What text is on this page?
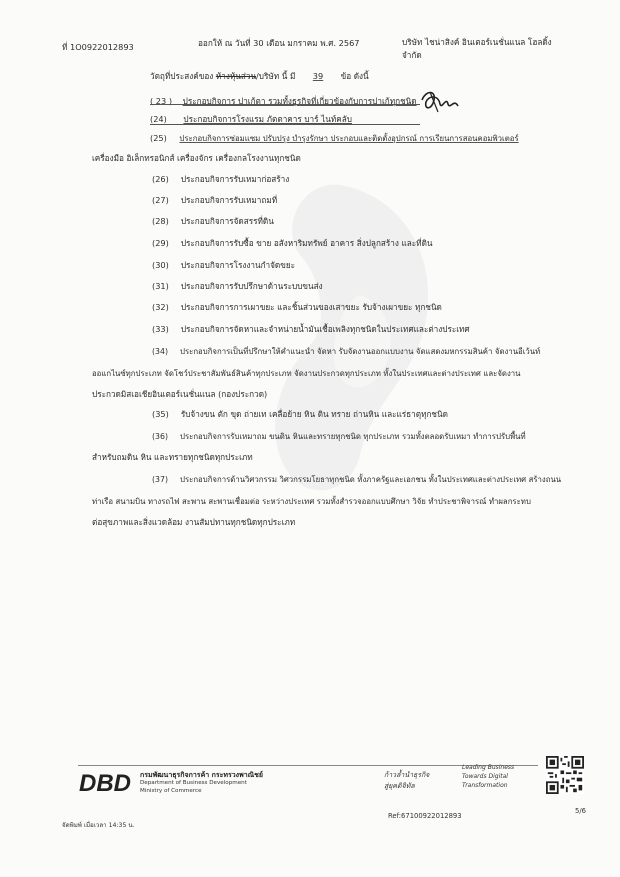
ที่ 1O0922012893	ออกให้ ณ วันที่ 30 เดือน มกราคม พ.ศ. 2567	บริษัท ไชน่าสิงค์ อินเตอร์เนชั่นแนล โฮลดิ้ง
จำกัด
วัตถุที่ประสงค์ของ ห้างหุ้นส่วน/บริษัท นี้ มี 39 ข้อ ดังนี้
( 23 ) ประกอบกิจการ ปาเก้ตา รวมทั้งธุรกิจที่เกี่ยวข้องกับการปาเก้ทุกชนิด
(24) ประกอบกิจการโรงแรม ภัตตาคาร บาร์ ไนท์คลับ
(25) ประกอบกิจการซ่อมแซม ปรับปรุง บำรุงรักษา ประกอบและติดตั้งอุปกรณ์ การเรียนการสอนคอมพิวเตอร์
เครื่องมือ อิเล็กทรอนิกส์ เครื่องจักร เครื่องกลโรงงานทุกชนิด
(26) ประกอบกิจการรับเหมาก่อสร้าง
(27) ประกอบกิจการรับเหมาถมที่
(28) ประกอบกิจการจัดสรรที่ดิน
(29) ประกอบกิจการรับซื้อ ขาย อสังหาริมทรัพย์ อาคาร สิ่งปลูกสร้าง และที่ดิน
(30) ประกอบกิจการโรงงานกำจัดขยะ
(31) ประกอบกิจการรับปรึกษาด้านระบบขนส่ง
(32) ประกอบกิจการการเผาขยะ และชิ้นส่วนของเสาขยะ รับจ้างเผาขยะ ทุกชนิด
(33) ประกอบกิจการจัดหาและจำหน่ายน้ำมันเชื้อเพลิงทุกชนิดในประเทศและต่างประเทศ
(34) ประกอบกิจการเป็นที่ปรึกษาให้คำแนะนำ จัดหา รับจัดงานออกแบบงาน จัดแสดงมหกรรมสินค้า จัดงานอีเว้นท์
ออแกไนซ์ทุกประเภท จัดโชว์ประชาสัมพันธ์สินค้าทุกประเภท จัดงานประกวดทุกประเภท ทั้งในประเทศและต่างประเทศ และจัดงาน
ประกวดมิสเอเชียอินเตอร์เนชั่นแนล (กองประกวด)
(35) รับจ้างขน ตัก ขุด ถ่ายเท เคลื่อย้าย หิน ดิน ทราย ถ่านหิน และแร่ธาตุทุกชนิด
(36) ประกอบกิจการรับเหมาถม ขนดิน หินและทรายทุกชนิด ทุกประเภท รวมทั้งตลอดรับเหมา ทำการปรับพื้นที่
สำหรับถมดิน หิน และทรายทุกชนิดทุกประเภท
(37) ประกอบกิจการด้านวิศวกรรม วิศวกรรมโยธาทุกชนิด ทั้งภาครัฐและเอกชน ทั้งในประเทศและต่างประเทศ สร้างถนน
ท่าเรือ สนามบิน ทางรถไฟ สะพาน สะพานเชื่อมต่อ ระหว่างประเทศ รวมทั้งสำรวจออกแบบศึกษา วิจัย ทำประชาพิจารณ์ ทำผลกระทบ
ต่อสุขภาพและสิ่งแวดล้อม งานสัมปทานทุกชนิดทุกประเภท
DBD กรมพัฒนาธุรกิจการค้า กระทรวงพาณิชย์
Department of Business Development
Ministry of Commerce
ก้าวล้ำนำธุรกิจ
สู่ยุคดิจิทัล
Leading Business
Towards Digital
Transformation
Ref:67100922012893
5/6
จัดพิมพ์ เมื่อเวลา 14:35 น.
